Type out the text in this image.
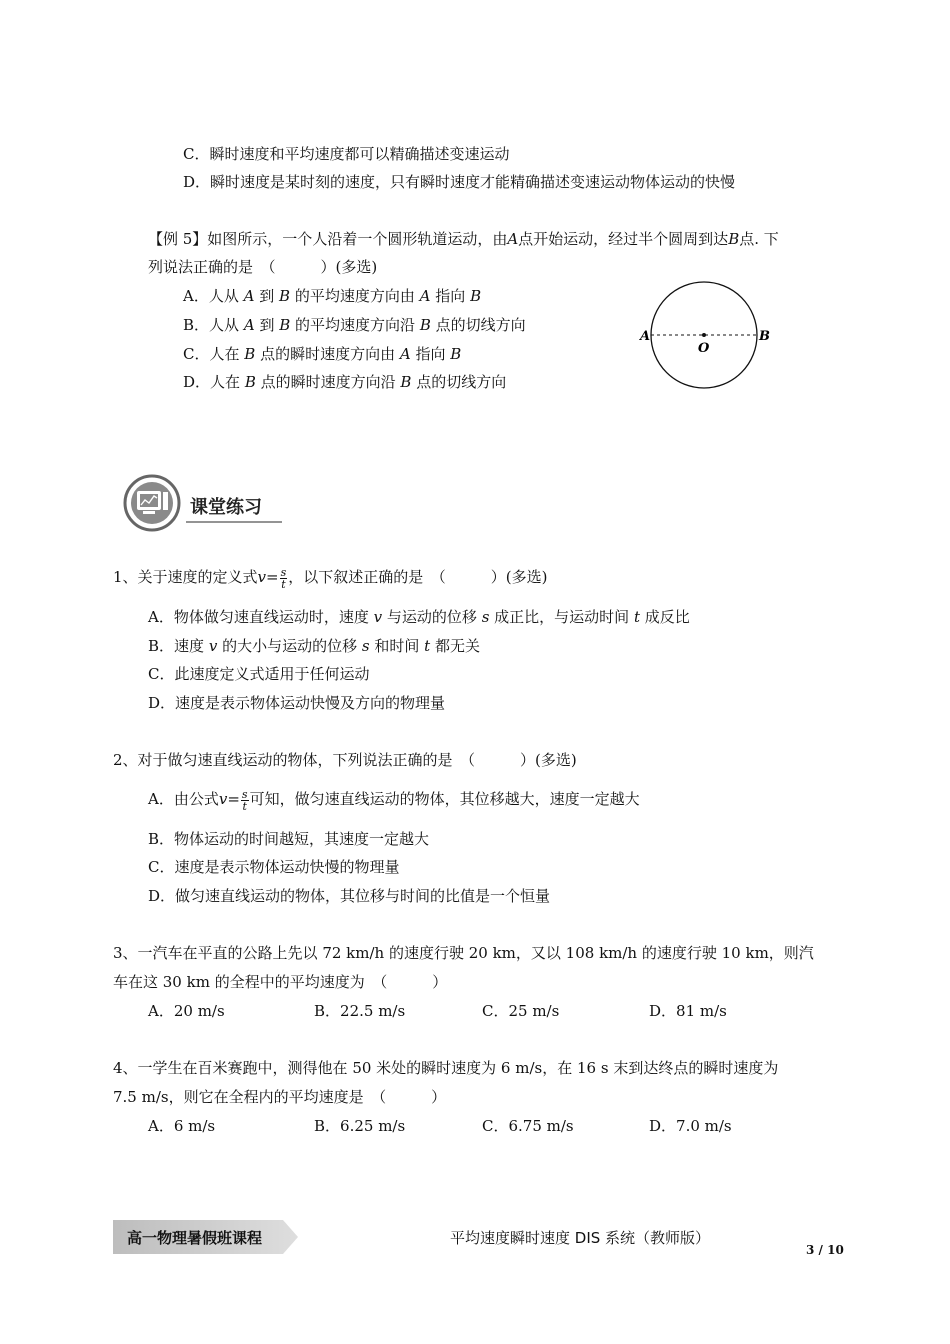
C．瞬时速度和平均速度都可以精确描述变速运动
D．瞬时速度是某时刻的速度，只有瞬时速度才能精确描述变速运动物体运动的快慢
【例 5】如图所示，一个人沿着一个圆形轨道运动，由A点开始运动，经过半个圆周到达B点. 下
列说法正确的是　（　　　）(多选)
A．人从 A 到 B 的平均速度方向由 A 指向 B
B．人从 A 到 B 的平均速度方向沿 B 点的切线方向
C．人在 B 点的瞬时速度方向由 A 指向 B
D．人在 B 点的瞬时速度方向沿 B 点的切线方向
A	B
O
课堂练习
1、关于速度的定义式$v= \frac{s}{t}$ ，以下叙述正确的是　（　　　）(多选)
A．物体做匀速直线运动时，速度 v 与运动的位移 s 成正比，与运动时间 t 成反比
B．速度 v 的大小与运动的位移 s 和时间 t 都无关
C．此速度定义式适用于任何运动
D．速度是表示物体运动快慢及方向的物理量
2、对于做匀速直线运动的物体，下列说法正确的是　（　　　）(多选)
A．由公式$v= \frac{s}{t}$ 可知，做匀速直线运动的物体，其位移越大，速度一定越大
B．物体运动的时间越短，其速度一定越大
C．速度是表示物体运动快慢的物理量
D．做匀速直线运动的物体，其位移与时间的比值是一个恒量
3、一汽车在平直的公路上先以 72 km/h 的速度行驶 20 km，又以 108 km/h 的速度行驶 10 km，则汽
车在这 30 km 的全程中的平均速度为　（　　　）
A．20 m/s	B．22.5 m/s	C．25 m/s	D．81 m/s
4、一学生在百米赛跑中，测得他在 50 米处的瞬时速度为 6 m/s，在 16 s 末到达终点的瞬时速度为
7.5 m/s，则它在全程内的平均速度是　（　　　）
A．6 m/s	B．6.25 m/s	C．6.75 m/s	D．7.0 m/s
高一物理暑假班课程	平均速度瞬时速度 DIS 系统（教师版）
3 / 10
